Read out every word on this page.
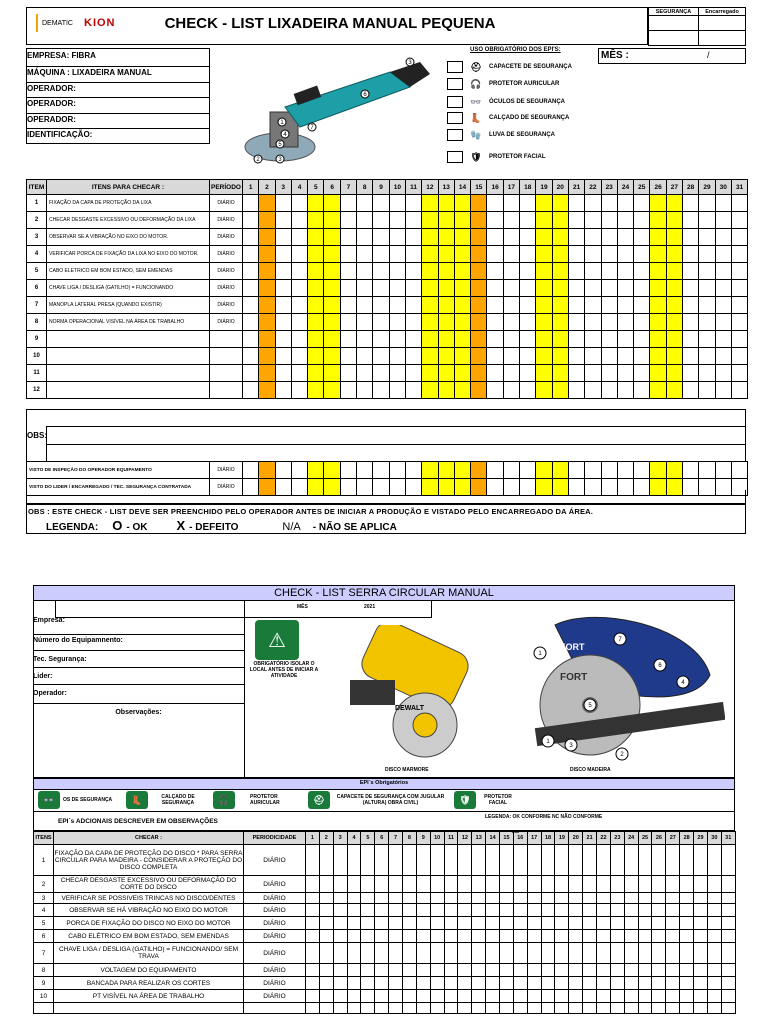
DEMATIC KION	CHECK - LIST LIXADEIRA MANUAL PEQUENA
SEGURANÇA	Encarregado

EMPRESA: FIBRA
MÁQUINA : LIXADEIRA MANUAL
OPERADOR:
OPERADOR:
OPERADOR:
IDENTIFICAÇÃO:
3
6
7
1
4
5
2	3
USO OBRIGATÓRIO DOS EPI'S:
⛑ CAPACETE DE SEGURANÇA
🎧 PROTETOR AURICULAR
👓 ÓCULOS DE SEGURANÇA
👢 CALÇADO DE SEGURANÇA
🧤 LUVA DE SEGURANÇA
🛡 PROTETOR FACIAL
MÊS :	/
ITEM	ITENS PARA CHECAR :	PERÍODO	1	2	3	4	5	6	7	8	9	10	11	12	13	14	15	16	17	18	19	20	21	22	23	24	25	26	27	28	29	30	31
1	FIXAÇÃO DA CAPA DE PROTEÇÃO DA LIXA	DIÁRIO																															
2	CHECAR DESGASTE EXCESSIVO OU DEFORMAÇÃO DA LIXA	DIÁRIO																															
3	OBSERVAR SE A VIBRAÇÃO NO EIXO DO MOTOR.	DIÁRIO																															
4	VERIFICAR PORCA DE FIXAÇÃO DA LIXA NO EIXO DO MOTOR.	DIÁRIO																															
5	CABO ELETRICO EM BOM ESTADO, SEM EMENDAS	DIÁRIO																															
6	CHAVE LIGA / DESLIGA (GATILHO) = FUNCIONANDO	DIÁRIO																															
7	MANOPLA LATERAL PRESA (QUANDO EXISTIR)	DIÁRIO																															
8	NORMA OPERACIONAL VISÍVEL NA ÁREA DE TRABALHO	DIÁRIO																															
9																																	
10																																	
11																																	
12																																	
OBS:
VISTO DE INSPEÇÃO DO OPERADOR EQUIPAMENTO	DIÁRIO																															
VISTO DO LIDER / ENCARREGADO / TEC. SEGURANÇA CONTRATADA	DIÁRIO																															
OBS : ESTE CHECK - LIST DEVE SER PREENCHIDO PELO OPERADOR ANTES DE INICIAR A PRODUÇÃO E VISTADO PELO ENCARREGADO DA ÁREA.
LEGENDA: O - OK X - DEFEITO	N/A - NÃO SE APLICA
CHECK - LIST SERRA CIRCULAR MANUAL
MÊS	2021
Empresa:
Número do Equipamnento:
Tec. Segurança:
Lider:
Operador:
Observações:
⚠
OBRIGATÓRIO ISOLAR O LOCAL ANTES DE INICIAR A ATIVIDADE
DEWALT
DISCO MARMORE
FORT
FORT
7
1
6
4
5
1
3
2
DISCO MADEIRA
EPI´s Obrigatórios
👓	OS DE SEGURANÇA	👢	CALÇADO DE SEGURANÇA	🎧	PROTETOR AURICULAR	⛑	CAPACETE DE SEGURANÇA COM JUGULAR (ALTURA) OBRA CIVIL)	🛡	PROTETOR FACIAL
EPI´s ADCIONAIS DESCREVER EM OBSERVAÇÕES
LEGENDA: OK CONFORME NC NÃO CONFORME
ITENS	CHECAR :	PERIODICIDADE	1	2	3	4	5	6	7	8	9	10	11	12	13	14	15	16	17	18	19	20	21	22	23	24	25	26	27	28	29	30	31
1	FIXAÇÃO DA CAPA DE PROTEÇÃO DO DISCO * PARA SERRA CIRCULAR PARA MADEIRA - CONSIDERAR A PROTEÇÃO DO DISCO COMPLETA	DIÁRIO																															
2	CHECAR DESGASTE EXCESSIVO OU DEFORMAÇÃO DO CORTE DO DISCO	DIÁRIO																															
3	VERIFICAR SE POSSIVEIS TRINCAS NO DISCO/DENTES	DIÁRIO																															
4	OBSERVAR SE HÁ VIBRAÇÃO NO EIXO DO MOTOR	DIÁRIO																															
5	PORCA DE FIXAÇÃO DO DISCO NO EIXO DO MOTOR	DIÁRIO																															
6	CABO ELÉTRICO EM BOM ESTADO, SEM EMENDAS	DIÁRIO																															
7	CHAVE LIGA / DESLIGA (GATILHO) = FUNCIONANDO/ SEM TRAVA	DIÁRIO																															
8	VOLTAGEM DO EQUIPAMENTO	DIÁRIO																															
9	BANCADA PARA REALIZAR OS CORTES	DIÁRIO																															
10	PT VISÍVEL NA ÁREA DE TRABALHO	DIÁRIO																															

DIA
